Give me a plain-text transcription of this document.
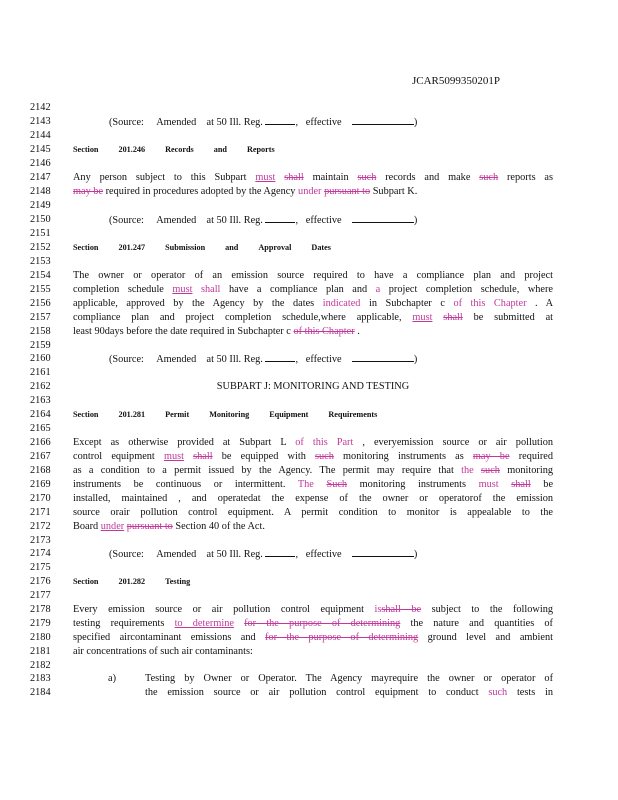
JCAR5099350201P
2142
2143	(Source: Amended at 50 Ill. Reg.	,   effective	)
2144
2145	Section 201.246 Records and Reports
2146
2147	Any person subject to this Subpart must shall maintain such records and make such reports as
2148	may be required in procedures adopted by the Agency under pursuant to Subpart K.
2149
2150	(Source: Amended at 50 Ill. Reg.	,   effective	)
2151
2152	Section 201.247 Submission and Approval Dates
2153
2154	The owner or operator of an emission source required to have a compliance plan and project
2155	completion schedule must shall have a compliance plan and a project completion schedule, where
2156	applicable, approved by the Agency by the dates indicated in Subchapter c of this Chapter . A
2157	compliance plan and project completion schedule,where applicable, must shall be submitted at
2158	least 90days before the date required in Subchapter c of this Chapter .
2159
2160	(Source: Amended at 50 Ill. Reg.	,   effective	)
2161
2162	SUBPART J: MONITORING AND TESTING
2163
2164	Section 201.281 Permit Monitoring Equipment Requirements
2165
2166	Except as otherwise provided at Subpart L of this Part , everyemission source or air pollution
2167	control equipment must shall be equipped with such monitoring instruments as may be required
2168	as a condition to a permit issued by the Agency. The permit may require that the such monitoring
2169	instruments be continuous or intermittent. The Such monitoring instruments must shall be
2170	installed, maintained , and operatedat the expense of the owner or operatorof the emission
2171	source orair pollution control equipment. A permit condition to monitor is appealable to the
2172	Board under pursuant to Section 40 of the Act.
2173
2174	(Source: Amended at 50 Ill. Reg.	,   effective	)
2175
2176	Section 201.282 Testing
2177
2178	Every emission source or air pollution control equipment isshall be subject to the following
2179	testing requirements to determine for the purpose of determining the nature and quantities of
2180	specified aircontaminant emissions and for the purpose of determining ground level and ambient
2181	air concentrations of such air contaminants:
2182
2183	a)	Testing by Owner or Operator. The Agency mayrequire the owner or operator of
2184	the emission source or air pollution control equipment to conduct such tests in
